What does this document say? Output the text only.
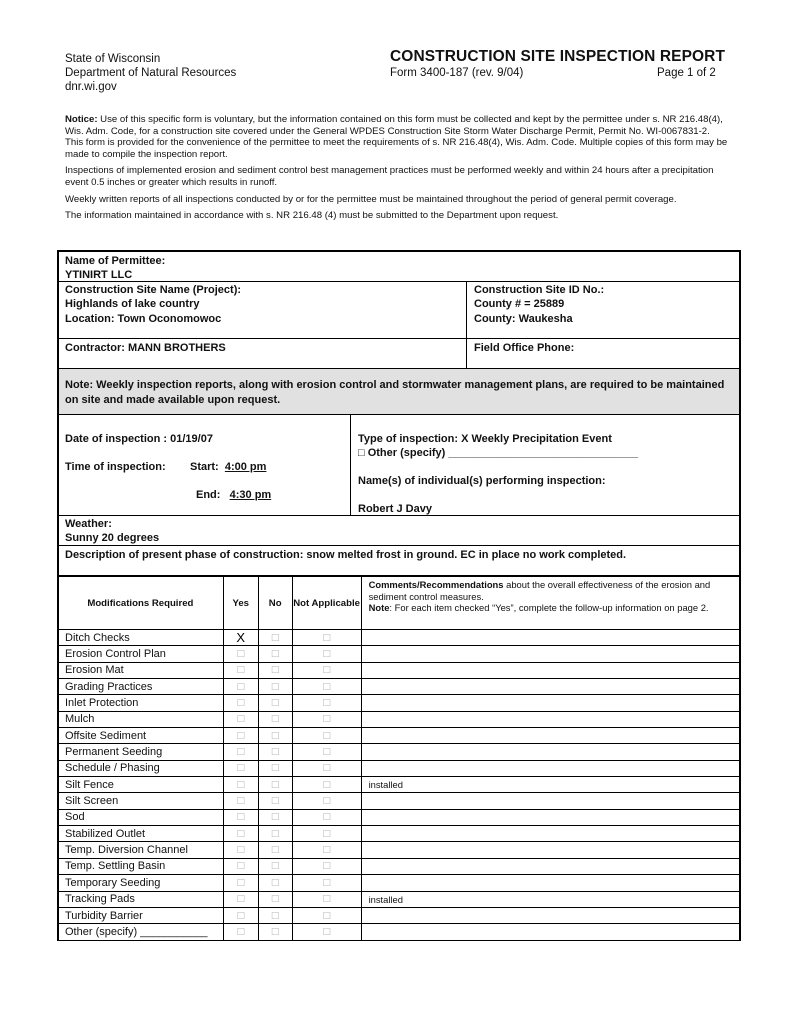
State of Wisconsin
Department of Natural Resources
dnr.wi.gov
CONSTRUCTION SITE INSPECTION REPORT
Form 3400-187 (rev. 9/04)	Page 1 of 2

Notice: Use of this specific form is voluntary, but the information contained on this form must be collected and kept by the permittee under s. NR 216.48(4), Wis. Adm. Code, for a construction site covered under the General WPDES Construction Site Storm Water Discharge Permit, Permit No. WI-0067831-2. This form is provided for the convenience of the permittee to meet the requirements of s. NR 216.48(4), Wis. Adm. Code. Multiple copies of this form may be made to compile the inspection report.

Inspections of implemented erosion and sediment control best management practices must be performed weekly and within 24 hours after a precipitation event 0.5 inches or greater which results in runoff.

Weekly written reports of all inspections conducted by or for the permittee must be maintained throughout the period of general permit coverage.

The information maintained in accordance with s. NR 216.48 (4) must be submitted to the Department upon request.

Name of Permittee:
YTINIRT LLC
Construction Site Name (Project):
Highlands of lake country
Construction Site ID No.:
County # = 25889
Location: Town Oconomowoc	County: Waukesha
Contractor: MANN BROTHERS	Field Office Phone:
Note: Weekly inspection reports, along with erosion control and stormwater management plans, are required to be maintained on site and made available upon request.
Date of inspection : 01/19/07
Time of inspection: Start: 4:00 pm
End: 4:30 pm
Type of inspection: X Weekly Precipitation Event
□ Other (specify) _______________________________
Name(s) of individual(s) performing inspection:
Robert J Davy
Weather:
Sunny 20 degrees
Description of present phase of construction: snow melted frost in ground. EC in place no work completed.
Modifications Required	Yes	No	Not Applicable	Comments/Recommendations about the overall effectiveness of the erosion and sediment control measures.
Note: For each item checked “Yes”, complete the follow-up information on page 2.
Ditch Checks	X	□	□	
Erosion Control Plan	□	□	□	
Erosion Mat	□	□	□	
Grading Practices	□	□	□	
Inlet Protection	□	□	□	
Mulch	□	□	□	
Offsite Sediment	□	□	□	
Permanent Seeding	□	□	□	
Schedule / Phasing	□	□	□	
Silt Fence	□	□	□	installed
Silt Screen	□	□	□	
Sod	□	□	□	
Stabilized Outlet	□	□	□	
Temp. Diversion Channel	□	□	□	
Temp. Settling Basin	□	□	□	
Temporary Seeding	□	□	□	
Tracking Pads	□	□	□	installed
Turbidity Barrier	□	□	□	
Other (specify) ___________	□	□	□	
